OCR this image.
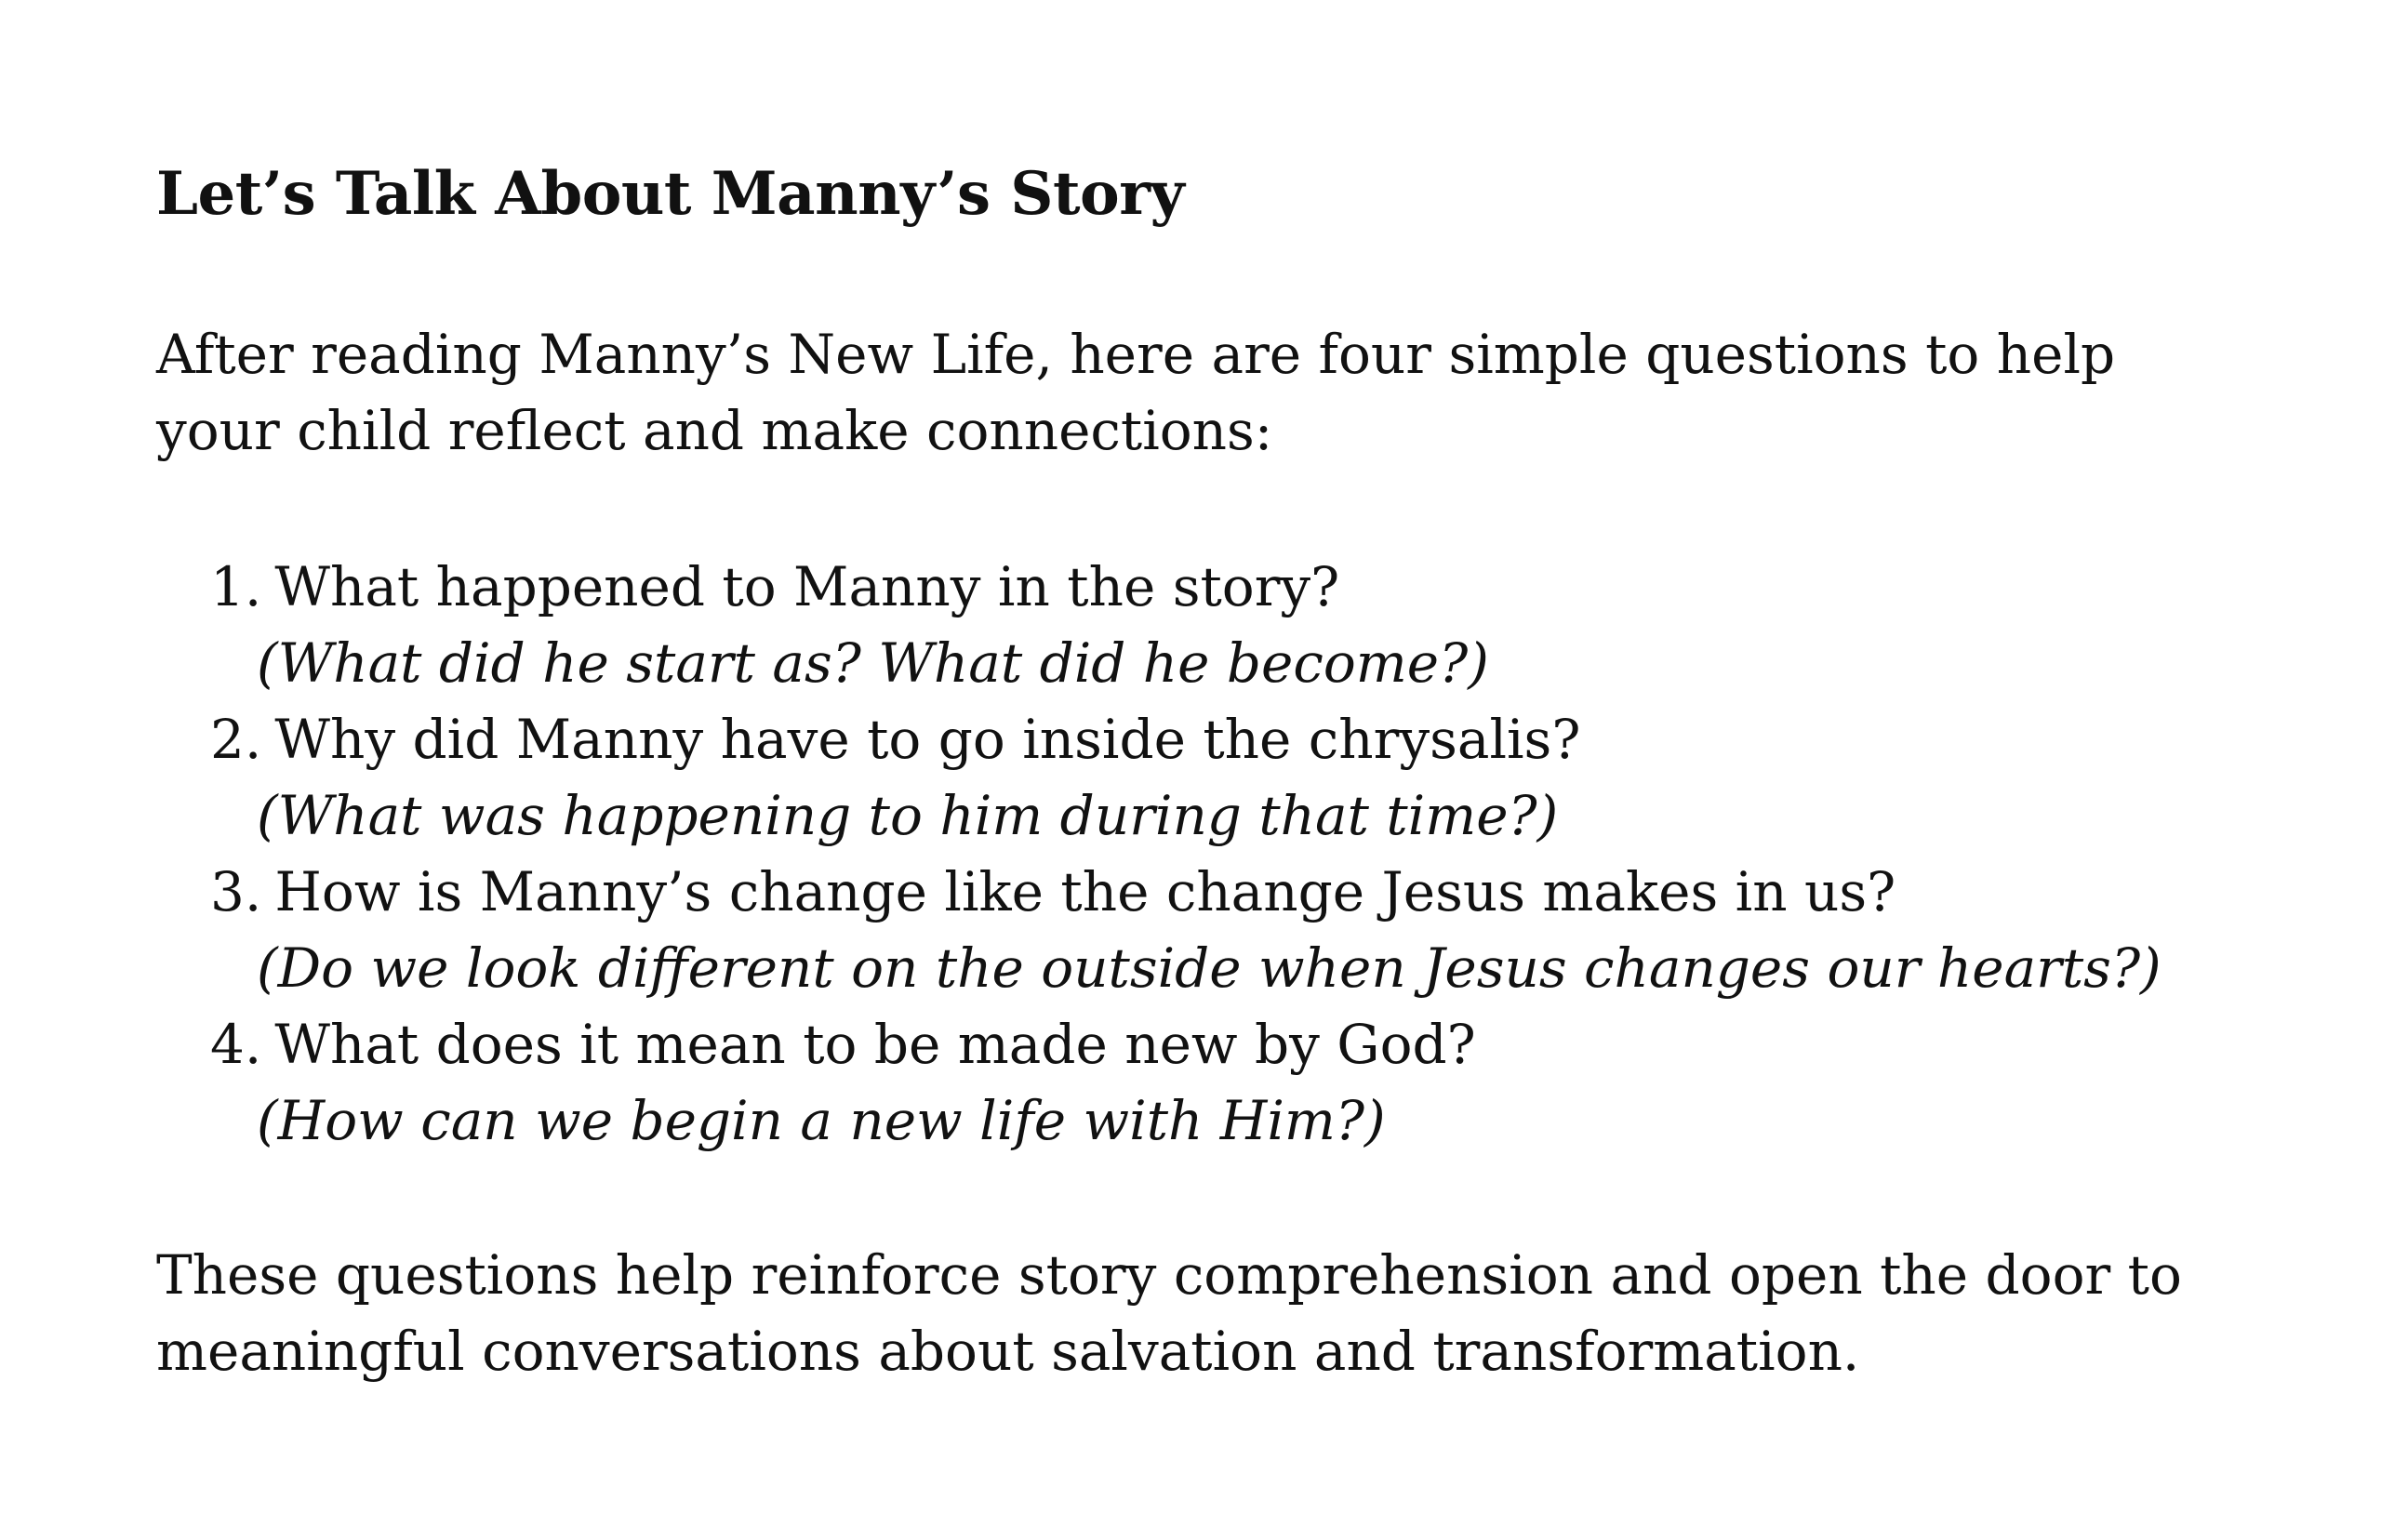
Let’s Talk About Manny’s Story

After reading Manny’s New Life, here are four simple questions to help your child reflect and make connections:

1. What happened to Manny in the story?
(What did he start as? What did he become?)
2. Why did Manny have to go inside the chrysalis?
(What was happening to him during that time?)
3. How is Manny’s change like the change Jesus makes in us?
(Do we look different on the outside when Jesus changes our hearts?)
4. What does it mean to be made new by God?
(How can we begin a new life with Him?)

These questions help reinforce story comprehension and open the door to meaningful conversations about salvation and transformation.
